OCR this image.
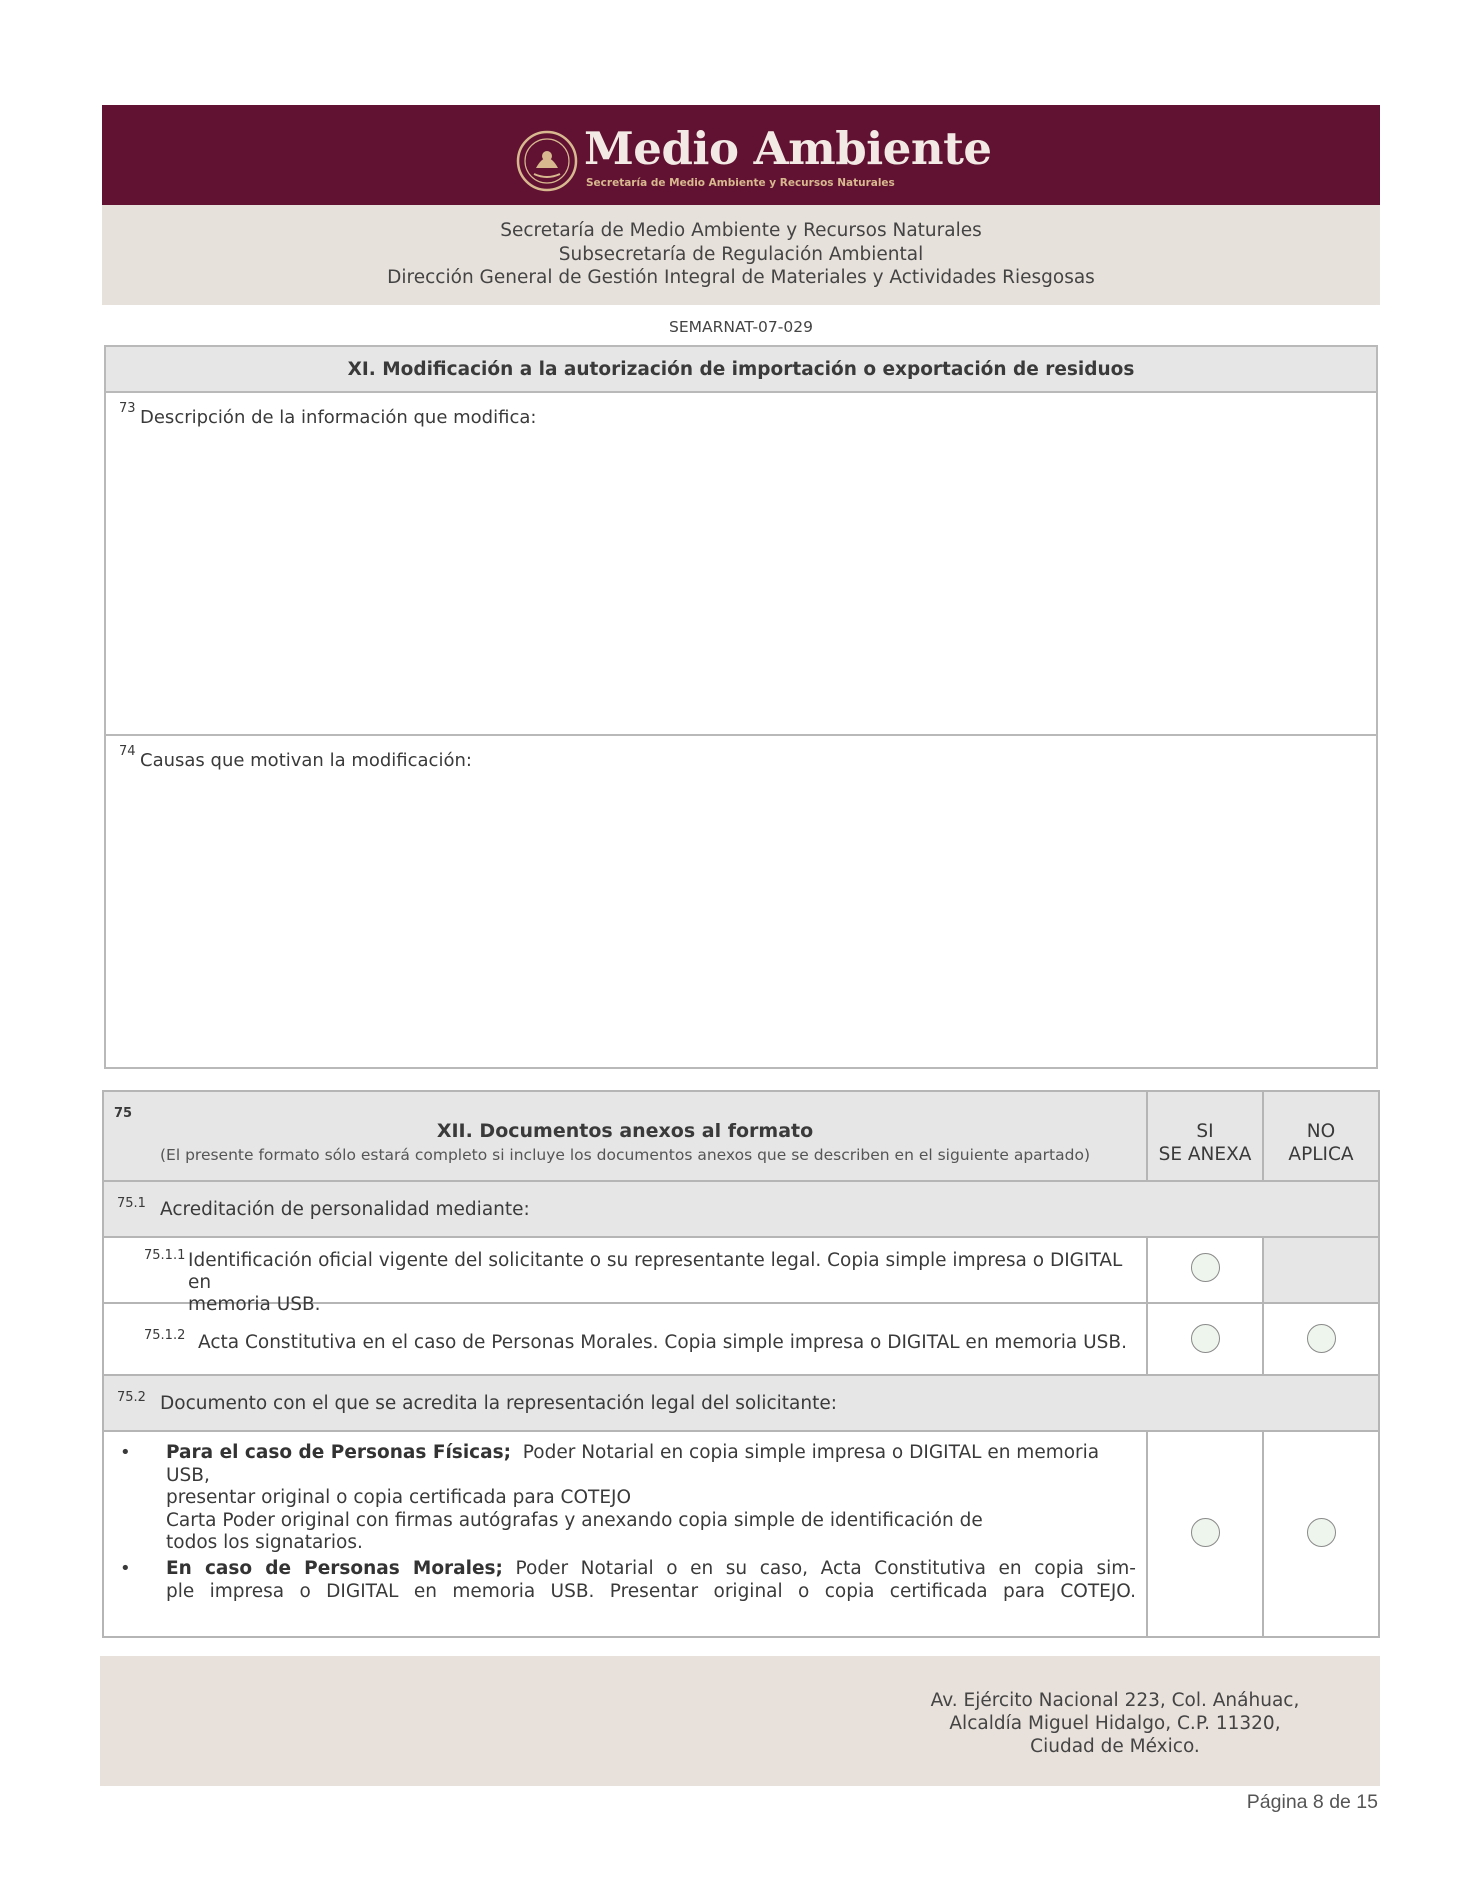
Medio Ambiente
Secretaría de Medio Ambiente y Recursos Naturales
Secretaría de Medio Ambiente y Recursos Naturales
Subsecretaría de Regulación Ambiental
Dirección General de Gestión Integral de Materiales y Actividades Riesgosas
SEMARNAT-07-029
XI. Modificación a la autorización de importación o exportación de residuos
73 Descripción de la información que modifica:
74 Causas que motivan la modificación:
75
XII. Documentos anexos al formato
(El presente formato sólo estará completo si incluye los documentos anexos que se describen en el siguiente apartado)
SI
SE ANEXA
NO
APLICA
75.1 Acreditación de personalidad mediante:
75.1.1 Identificación oficial vigente del solicitante o su representante legal. Copia simple impresa o DIGITAL en
memoria USB.
75.1.2 Acta Constitutiva en el caso de Personas Morales. Copia simple impresa o DIGITAL en memoria USB.
75.2 Documento con el que se acredita la representación legal del solicitante:
• Para el caso de Personas Físicas; Poder Notarial en copia simple impresa o DIGITAL en memoria USB,
presentar original o copia certificada para COTEJO
Carta Poder original con firmas autógrafas y anexando copia simple de identificación de
todos los signatarios.
• En caso de Personas Morales; Poder Notarial o en su caso, Acta Constitutiva en copia sim-
ple impresa o DIGITAL en memoria USB. Presentar original o copia certificada para COTEJO.
Av. Ejército Nacional 223, Col. Anáhuac,
Alcaldía Miguel Hidalgo, C.P. 11320,
Ciudad de México.
Página 8 de 15
